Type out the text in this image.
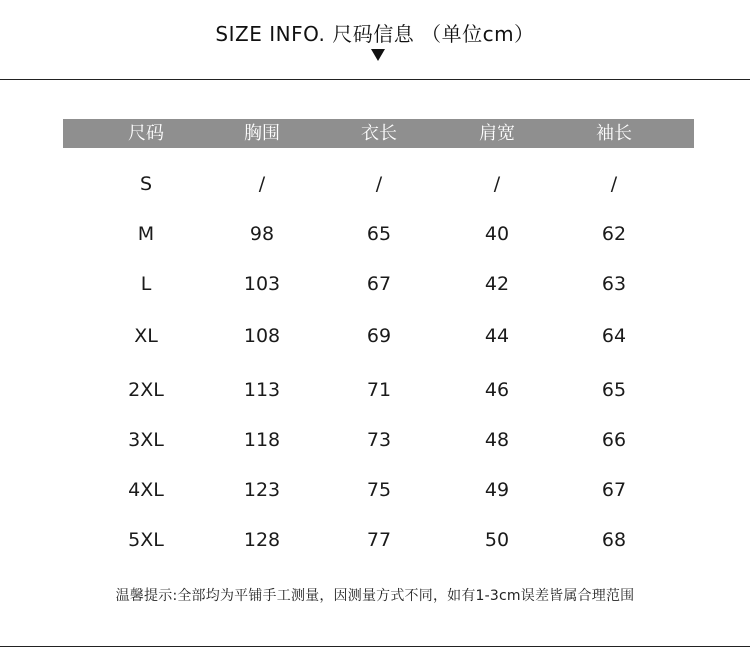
SIZE INFO. 尺码信息 （单位cm）
尺码	胸围	衣长	肩宽	袖长
S	/	/	/	/
M	98	65	40	62
L	103	67	42	63
XL	108	69	44	64
2XL	113	71	46	65
3XL	118	73	48	66
4XL	123	75	49	67
5XL	128	77	50	68
温馨提示:全部均为平铺手工测量，因测量方式不同，如有1-3cm误差皆属合理范围
